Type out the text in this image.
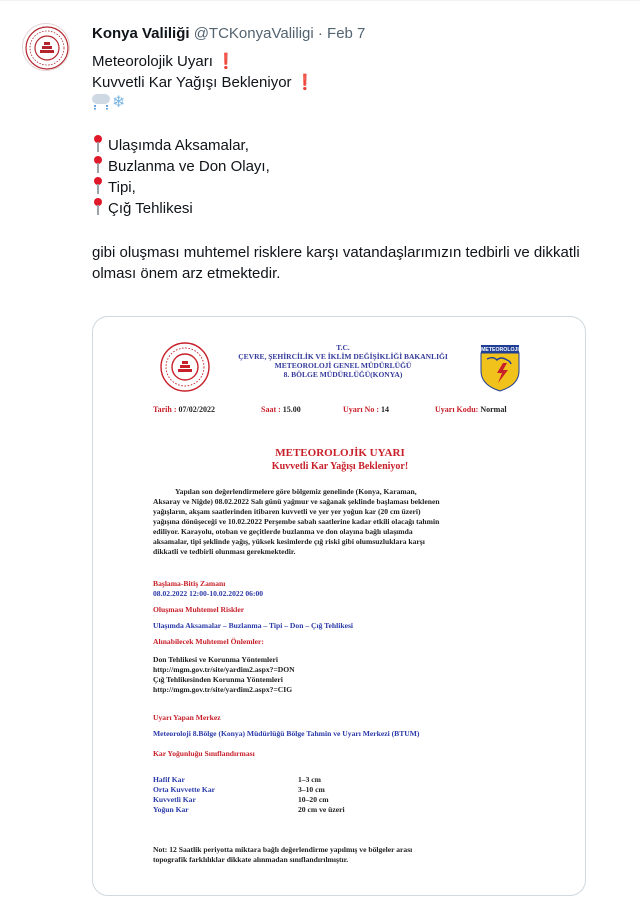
Konya Valiliği @TCKonyaValiligi · Feb 7
Meteorolojik Uyarı ❗
Kuvvetli Kar Yağışı Bekleniyor ❗
❄
Ulaşımda Aksamalar,
Buzlanma ve Don Olayı,
Tipi,
Çığ Tehlikesi
gibi oluşması muhtemel risklere karşı vatandaşlarımızın tedbirli ve dikkatli
olması önem arz etmektedir.
T.C.
ÇEVRE, ŞEHİRCİLİK VE İKLİM DEĞİŞİKLİĞİ BAKANLIĞI
METEOROLOJİ GENEL MÜDÜRLÜĞÜ
8. BÖLGE MÜDÜRLÜĞÜ(KONYA)
METEOROLOJI
Tarih : 07/02/2022	Saat : 15.00	Uyarı No : 14	Uyarı Kodu: Normal
METEOROLOJİK UYARI
Kuvvetli Kar Yağışı Bekleniyor!
Yapılan son değerlendirmelere göre bölgemiz genelinde (Konya, Karaman,
Aksaray ve Niğde) 08.02.2022 Salı günü yağmur ve sağanak şeklinde başlaması beklenen
yağışların, akşam saatlerinden itibaren kuvvetli ve yer yer yoğun kar (20 cm üzeri)
yağışına dönüşeceği ve 10.02.2022 Perşembe sabah saatlerine kadar etkili olacağı tahmin
ediliyor. Karayolu, otoban ve geçitlerde buzlanma ve don olayına bağlı ulaşımda
aksamalar, tipi şeklinde yağış, yüksek kesimlerde çığ riski gibi olumsuzluklara karşı
dikkatli ve tedbirli olunması gerekmektedir.
Başlama-Bitiş Zamanı
08.02.2022 12:00-10.02.2022 06:00
Oluşması Muhtemel Riskler
Ulaşımda Aksamalar – Buzlanma – Tipi – Don – Çığ Tehlikesi
Alınabilecek Muhtemel Önlemler:
Don Tehlikesi ve Korunma Yöntemleri
http://mgm.gov.tr/site/yardim2.aspx?=DON
Çığ Tehlikesinden Korunma Yöntemleri
http://mgm.gov.tr/site/yardim2.aspx?=CIG
Uyarı Yapan Merkez
Meteoroloji 8.Bölge (Konya) Müdürlüğü Bölge Tahmin ve Uyarı Merkezi (BTUM)
Kar Yoğunluğu Sınıflandırması
Hafif Kar	1–3 cm
Orta Kuvvette Kar	3–10 cm
Kuvvetli Kar	10–20 cm
Yoğun Kar	20 cm ve üzeri
Not: 12 Saatlik periyotta miktara bağlı değerlendirme yapılmış ve bölgeler arası
topografik farklılıklar dikkate alınmadan sınıflandırılmıştır.
